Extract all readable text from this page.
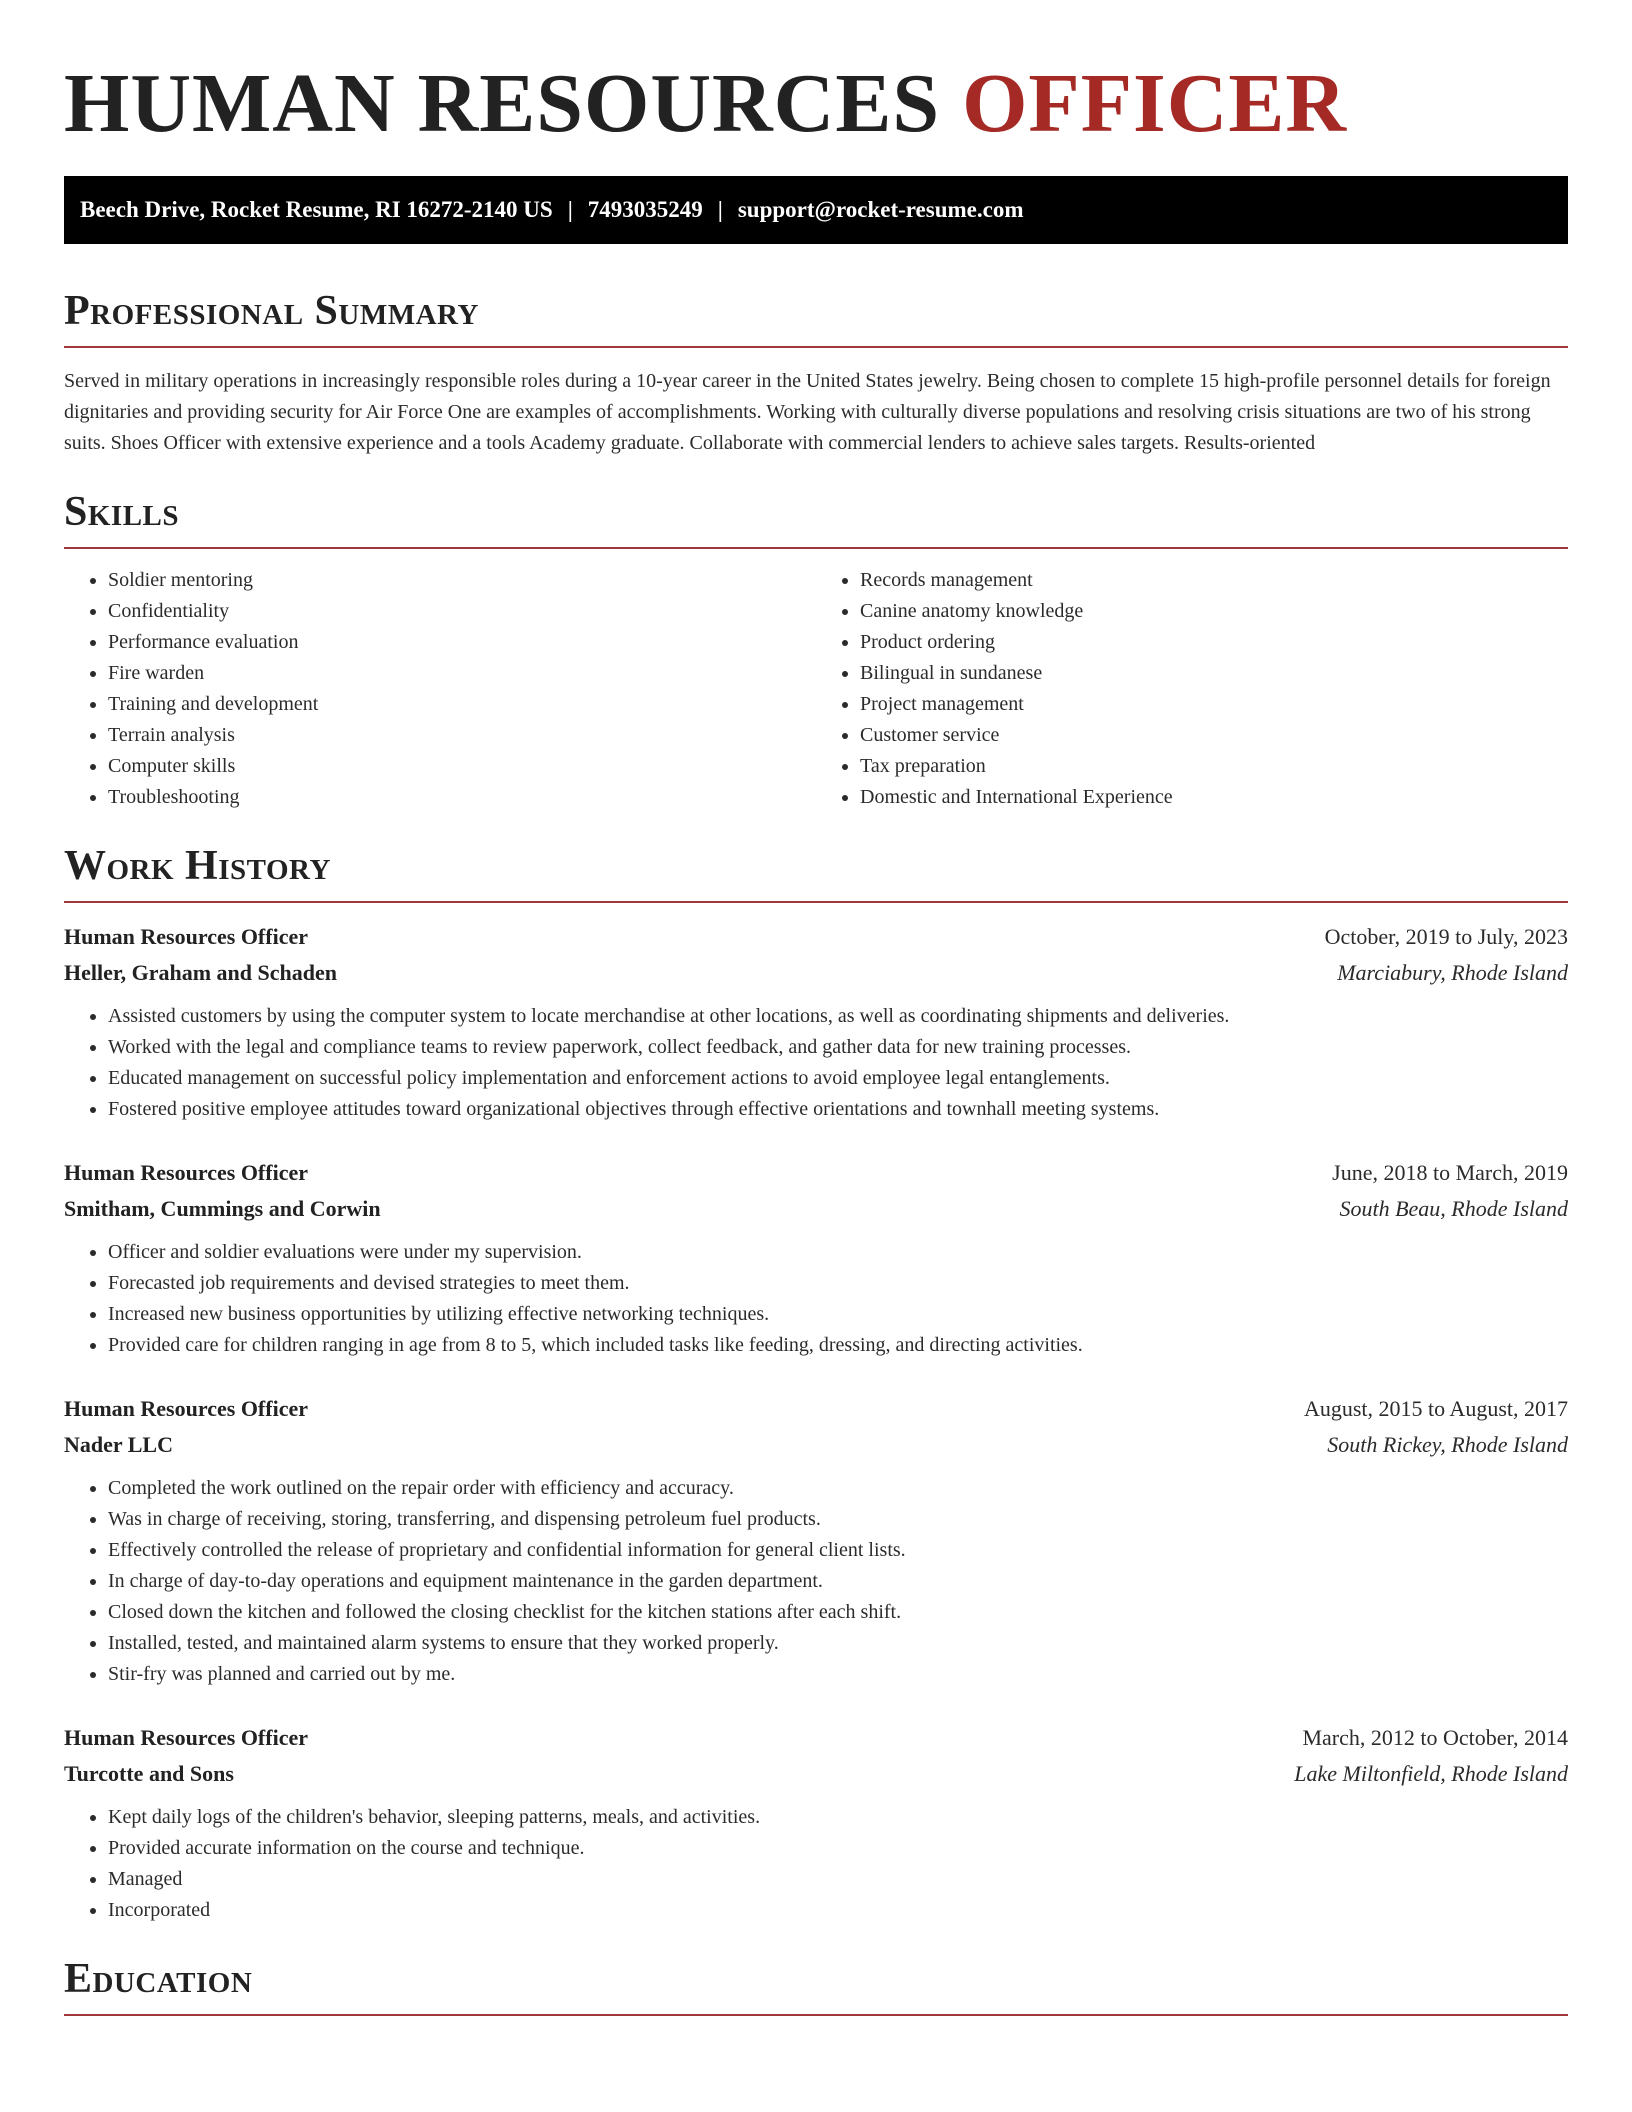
HUMAN RESOURCES OFFICER
Beech Drive, Rocket Resume, RI 16272-2140 US | 7493035249 | support@rocket-resume.com
Professional Summary

Served in military operations in increasingly responsible roles during a 10-year career in the United States jewelry. Being chosen to complete 15 high-profile personnel details for foreign dignitaries and providing security for Air Force One are examples of accomplishments. Working with culturally diverse populations and resolving crisis situations are two of his strong suits. Shoes Officer with extensive experience and a tools Academy graduate. Collaborate with commercial lenders to achieve sales targets. Results-oriented

Skills
• Soldier mentoring
• Confidentiality
• Performance evaluation
• Fire warden
• Training and development
• Terrain analysis
• Computer skills
• Troubleshooting
• Records management
• Canine anatomy knowledge
• Product ordering
• Bilingual in sundanese
• Project management
• Customer service
• Tax preparation
• Domestic and International Experience
Work History
Human Resources Officer	October, 2019 to July, 2023
Heller, Graham and Schaden	Marciabury, Rhode Island
• Assisted customers by using the computer system to locate merchandise at other locations, as well as coordinating shipments and deliveries.
• Worked with the legal and compliance teams to review paperwork, collect feedback, and gather data for new training processes.
• Educated management on successful policy implementation and enforcement actions to avoid employee legal entanglements.
• Fostered positive employee attitudes toward organizational objectives through effective orientations and townhall meeting systems.
Human Resources Officer	June, 2018 to March, 2019
Smitham, Cummings and Corwin	South Beau, Rhode Island
• Officer and soldier evaluations were under my supervision.
• Forecasted job requirements and devised strategies to meet them.
• Increased new business opportunities by utilizing effective networking techniques.
• Provided care for children ranging in age from 8 to 5, which included tasks like feeding, dressing, and directing activities.
Human Resources Officer	August, 2015 to August, 2017
Nader LLC	South Rickey, Rhode Island
• Completed the work outlined on the repair order with efficiency and accuracy.
• Was in charge of receiving, storing, transferring, and dispensing petroleum fuel products.
• Effectively controlled the release of proprietary and confidential information for general client lists.
• In charge of day-to-day operations and equipment maintenance in the garden department.
• Closed down the kitchen and followed the closing checklist for the kitchen stations after each shift.
• Installed, tested, and maintained alarm systems to ensure that they worked properly.
• Stir-fry was planned and carried out by me.
Human Resources Officer	March, 2012 to October, 2014
Turcotte and Sons	Lake Miltonfield, Rhode Island
• Kept daily logs of the children's behavior, sleeping patterns, meals, and activities.
• Provided accurate information on the course and technique.
• Managed
• Incorporated
Education
